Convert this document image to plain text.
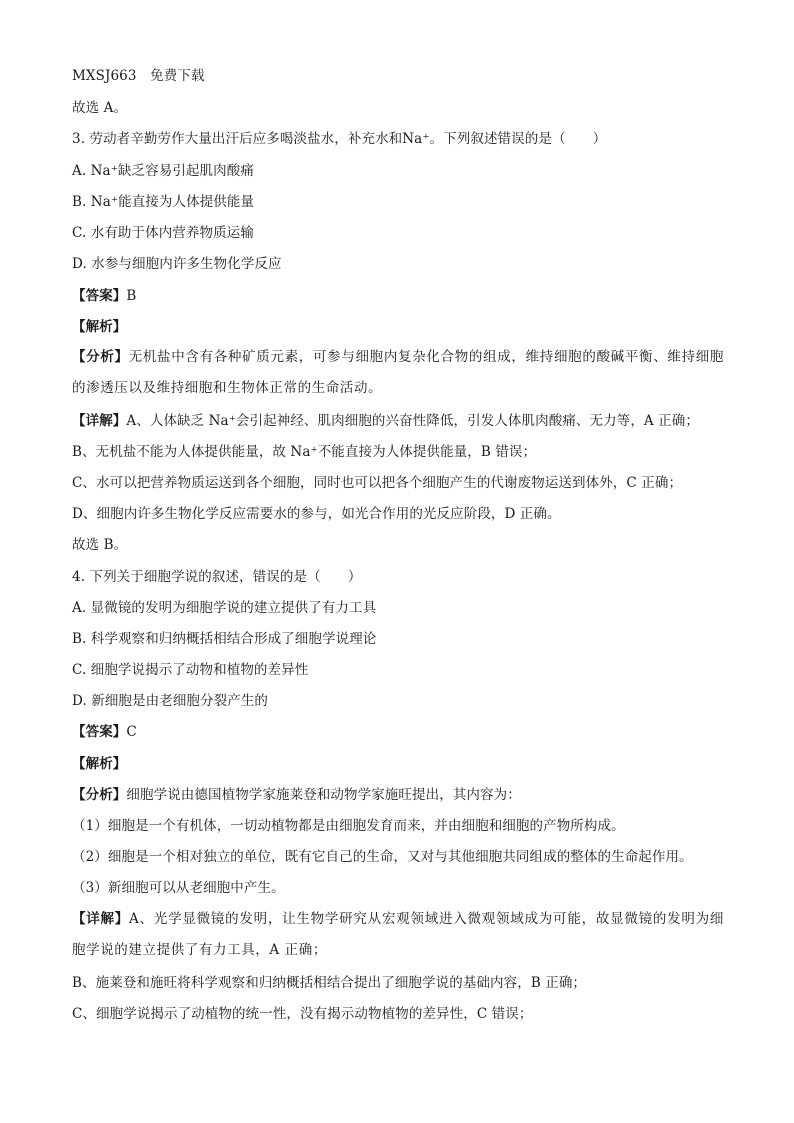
MXSJ663　免费下载
故选 A。
3. 劳动者辛勤劳作大量出汗后应多喝淡盐水，补充水和Na⁺。下列叙述错误的是（　　）
A. Na⁺缺乏容易引起肌肉酸痛
B. Na⁺能直接为人体提供能量
C. 水有助于体内营养物质运输
D. 水参与细胞内许多生物化学反应
【答案】B
【解析】
【分析】无机盐中含有各种矿质元素，可参与细胞内复杂化合物的组成，维持细胞的酸碱平衡、维持细胞的渗透压以及维持细胞和生物体正常的生命活动。
【详解】A、人体缺乏 Na⁺会引起神经、肌肉细胞的兴奋性降低，引发人体肌肉酸痛、无力等，A 正确；
B、无机盐不能为人体提供能量，故 Na⁺不能直接为人体提供能量，B 错误；
C、水可以把营养物质运送到各个细胞，同时也可以把各个细胞产生的代谢废物运送到体外，C 正确；
D、细胞内许多生物化学反应需要水的参与，如光合作用的光反应阶段，D 正确。
故选 B。
4. 下列关于细胞学说的叙述，错误的是（　　）
A. 显微镜的发明为细胞学说的建立提供了有力工具
B. 科学观察和归纳概括相结合形成了细胞学说理论
C. 细胞学说揭示了动物和植物的差异性
D. 新细胞是由老细胞分裂产生的
【答案】C
【解析】
【分析】细胞学说由德国植物学家施莱登和动物学家施旺提出，其内容为：
（1）细胞是一个有机体，一切动植物都是由细胞发育而来，并由细胞和细胞的产物所构成。
（2）细胞是一个相对独立的单位，既有它自己的生命，又对与其他细胞共同组成的整体的生命起作用。
（3）新细胞可以从老细胞中产生。
【详解】A、光学显微镜的发明，让生物学研究从宏观领域进入微观领域成为可能，故显微镜的发明为细胞学说的建立提供了有力工具，A 正确；
B、施莱登和施旺将科学观察和归纳概括相结合提出了细胞学说的基础内容，B 正确；
C、细胞学说揭示了动植物的统一性，没有揭示动物植物的差异性，C 错误；
